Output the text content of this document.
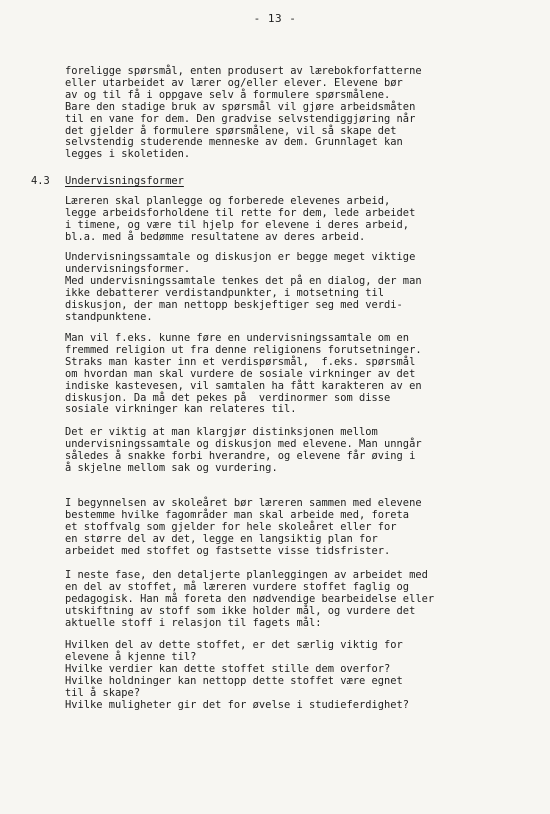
- 13 -
foreligge spørsmål, enten produsert av lærebokforfatterne
eller utarbeidet av lærer og/eller elever. Elevene bør
av og til få i oppgave selv å formulere spørsmålene.
Bare den stadige bruk av spørsmål vil gjøre arbeidsmåten
til en vane for dem. Den gradvise selvstendiggjøring når
det gjelder å formulere spørsmålene, vil så skape det
selvstendig studerende menneske av dem. Grunnlaget kan
legges i skoletiden.
4.3 Undervisningsformer
Læreren skal planlegge og forberede elevenes arbeid,
legge arbeidsforholdene til rette for dem, lede arbeidet
i timene, og være til hjelp for elevene i deres arbeid,
bl.a. med å bedømme resultatene av deres arbeid.
Undervisningssamtale og diskusjon er begge meget viktige
undervisningsformer.
Med undervisningssamtale tenkes det på en dialog, der man
ikke debatterer verdistandpunkter, i motsetning til
diskusjon, der man nettopp beskjeftiger seg med verdi-
standpunktene.
Man vil f.eks. kunne føre en undervisningssamtale om en
fremmed religion ut fra denne religionens forutsetninger.
Straks man kaster inn et verdispørsmål,  f.eks. spørsmål
om hvordan man skal vurdere de sosiale virkninger av det
indiske kastevesen, vil samtalen ha fått karakteren av en
diskusjon. Da må det pekes på  verdinormer som disse
sosiale virkninger kan relateres til.
Det er viktig at man klargjør distinksjonen mellom
undervisningssamtale og diskusjon med elevene. Man unngår
således å snakke forbi hverandre, og elevene får øving i
å skjelne mellom sak og vurdering.
I begynnelsen av skoleåret bør læreren sammen med elevene
bestemme hvilke fagområder man skal arbeide med, foreta
et stoffvalg som gjelder for hele skoleåret eller for
en større del av det, legge en langsiktig plan for
arbeidet med stoffet og fastsette visse tidsfrister.
I neste fase, den detaljerte planleggingen av arbeidet med
en del av stoffet, må læreren vurdere stoffet faglig og
pedagogisk. Han må foreta den nødvendige bearbeidelse eller
utskiftning av stoff som ikke holder mål, og vurdere det
aktuelle stoff i relasjon til fagets mål:
Hvilken del av dette stoffet, er det særlig viktig for
elevene å kjenne til?
Hvilke verdier kan dette stoffet stille dem overfor?
Hvilke holdninger kan nettopp dette stoffet være egnet
til å skape?
Hvilke muligheter gir det for øvelse i studieferdighet?
